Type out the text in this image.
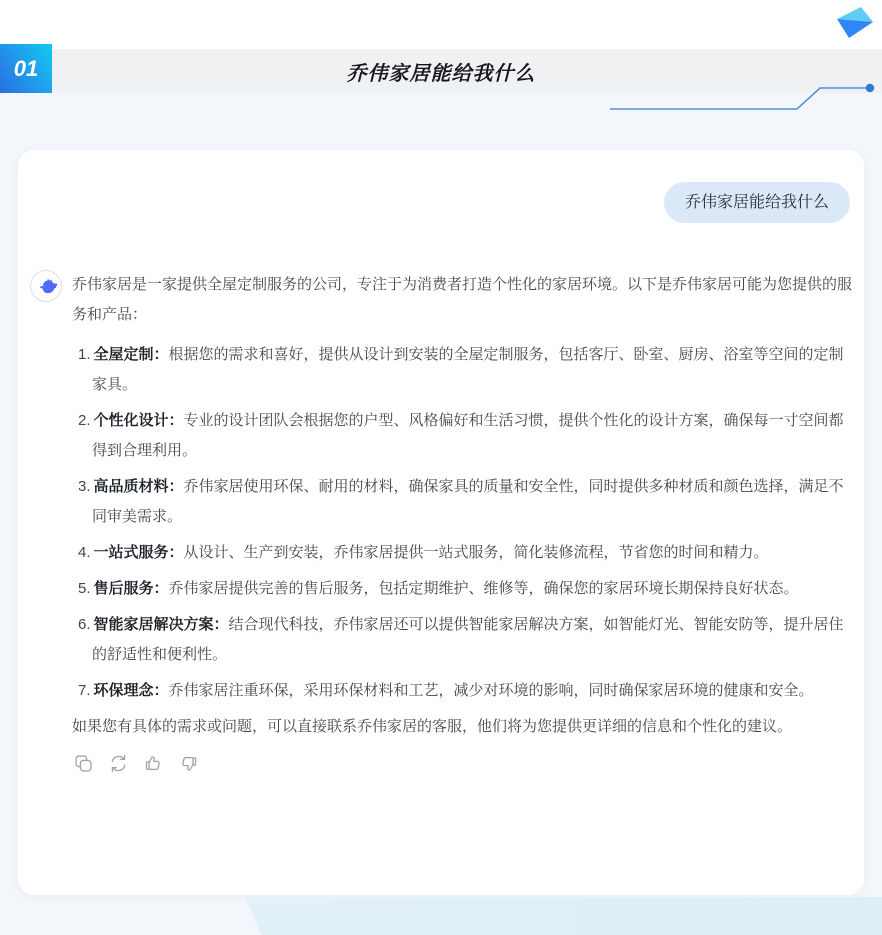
乔伟家居能给我什么
01
乔伟家居能给我什么

乔伟家居是一家提供全屋定制服务的公司，专注于为消费者打造个性化的家居环境。以下是乔伟家居可能为您提供的服务和产品：

1. 全屋定制：根据您的需求和喜好，提供从设计到安装的全屋定制服务，包括客厅、卧室、厨房、浴室等空间的定制家具。
2. 个性化设计：专业的设计团队会根据您的户型、风格偏好和生活习惯，提供个性化的设计方案，确保每一寸空间都得到合理利用。
3. 高品质材料：乔伟家居使用环保、耐用的材料，确保家具的质量和安全性，同时提供多种材质和颜色选择，满足不同审美需求。
4. 一站式服务：从设计、生产到安装，乔伟家居提供一站式服务，简化装修流程，节省您的时间和精力。
5. 售后服务：乔伟家居提供完善的售后服务，包括定期维护、维修等，确保您的家居环境长期保持良好状态。
6. 智能家居解决方案：结合现代科技，乔伟家居还可以提供智能家居解决方案，如智能灯光、智能安防等，提升居住的舒适性和便利性。
7. 环保理念：乔伟家居注重环保，采用环保材料和工艺，减少对环境的影响，同时确保家居环境的健康和安全。

如果您有具体的需求或问题，可以直接联系乔伟家居的客服，他们将为您提供更详细的信息和个性化的建议。
